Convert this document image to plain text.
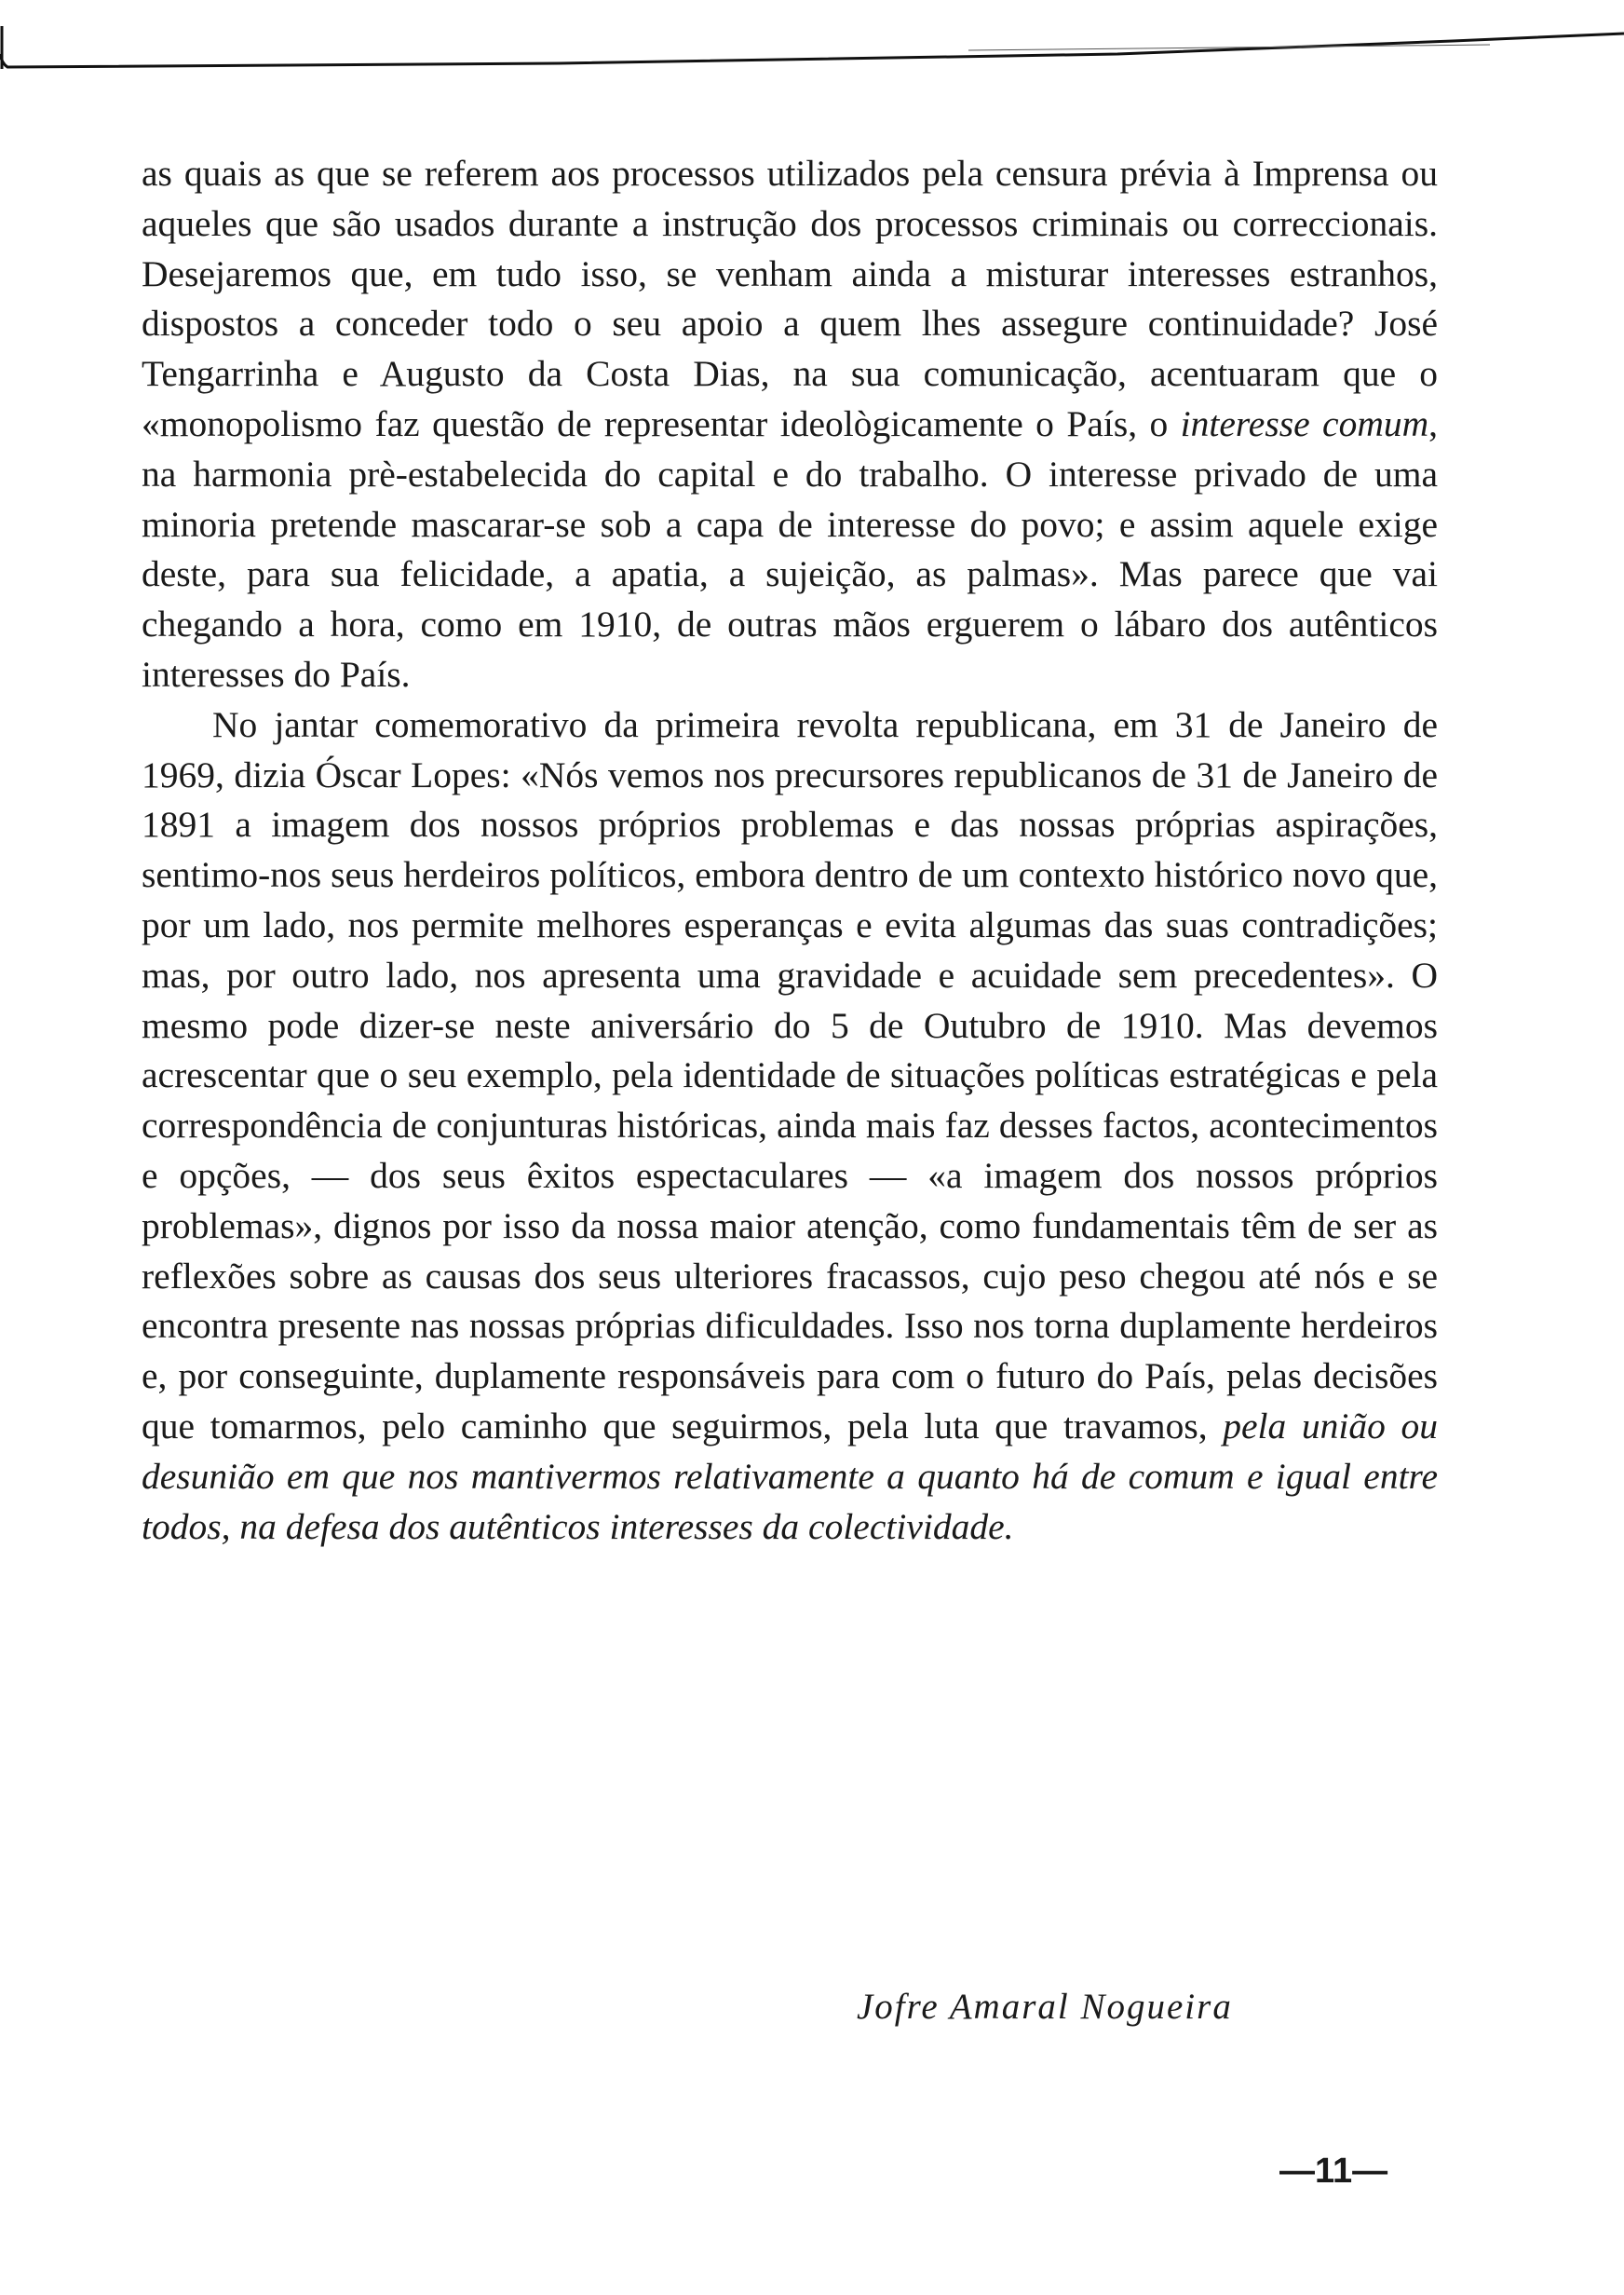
as quais as que se referem aos processos utilizados pela censura prévia à Imprensa ou aqueles que são usados durante a instrução dos processos criminais ou correccionais. Desejaremos que, em tudo isso, se venham ainda a misturar interesses estranhos, dispostos a conceder todo o seu apoio a quem lhes assegure continuidade? José Tengarrinha e Augusto da Costa Dias, na sua comunicação, acentuaram que o «monopolismo faz questão de representar ideològicamente o País, o interesse comum, na harmonia prè-estabelecida do capital e do trabalho. O interesse privado de uma minoria pretende mascarar-se sob a capa de interesse do povo; e assim aquele exige deste, para sua felicidade, a apatia, a sujeição, as palmas». Mas parece que vai chegando a hora, como em 1910, de outras mãos erguerem o lábaro dos autênticos interesses do País.

No jantar comemorativo da primeira revolta republicana, em 31 de Janeiro de 1969, dizia Óscar Lopes: «Nós vemos nos precursores republicanos de 31 de Janeiro de 1891 a imagem dos nossos próprios problemas e das nossas próprias aspirações, sentimo-nos seus herdeiros políticos, embora dentro de um contexto histórico novo que, por um lado, nos permite melhores esperanças e evita algumas das suas contradições; mas, por outro lado, nos apresenta uma gravidade e acuidade sem precedentes». O mesmo pode dizer-se neste aniversário do 5 de Outubro de 1910. Mas devemos acrescentar que o seu exemplo, pela identidade de situações políticas estratégicas e pela correspondência de conjunturas históricas, ainda mais faz desses factos, acontecimentos e opções, — dos seus êxitos espectaculares — «a imagem dos nossos próprios problemas», dignos por isso da nossa maior atenção, como fundamentais têm de ser as reflexões sobre as causas dos seus ulteriores fracassos, cujo peso chegou até nós e se encontra presente nas nossas próprias dificuldades. Isso nos torna duplamente herdeiros e, por conseguinte, duplamente responsáveis para com o futuro do País, pelas decisões que tomarmos, pelo caminho que seguirmos, pela luta que travamos, pela união ou desunião em que nos mantivermos relativamente a quanto há de comum e igual entre todos, na defesa dos autênticos interesses da colectividade.

Jofre Amaral Nogueira
—11—
